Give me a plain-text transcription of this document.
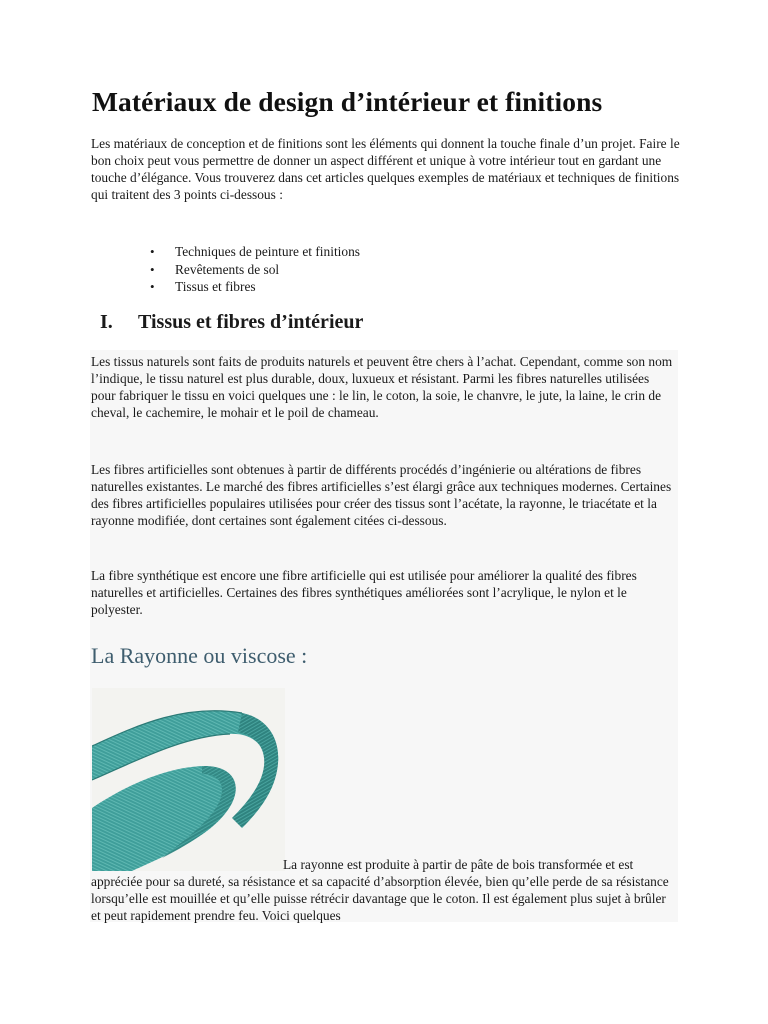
Matériaux de design d’intérieur et finitions

Les matériaux de conception et de finitions sont les éléments qui donnent la touche finale d’un projet. Faire le bon choix peut vous permettre de donner un aspect différent et unique à votre intérieur tout en gardant une touche d’élégance. Vous trouverez dans cet articles quelques exemples de matériaux et techniques de finitions qui traitent des 3 points ci-dessous :

• Techniques de peinture et finitions
• Revêtements de sol
• Tissus et fibres
I. Tissus et fibres d’intérieur

Les tissus naturels sont faits de produits naturels et peuvent être chers à l’achat. Cependant, comme son nom l’indique, le tissu naturel est plus durable, doux, luxueux et résistant. Parmi les fibres naturelles utilisées pour fabriquer le tissu en voici quelques une : le lin, le coton, la soie, le chanvre, le jute, la laine, le crin de cheval, le cachemire, le mohair et le poil de chameau.

Les fibres artificielles sont obtenues à partir de différents procédés d’ingénierie ou altérations de fibres naturelles existantes. Le marché des fibres artificielles s’est élargi grâce aux techniques modernes. Certaines des fibres artificielles populaires utilisées pour créer des tissus sont l’acétate, la rayonne, le triacétate et la rayonne modifiée, dont certaines sont également citées ci-dessous.

La fibre synthétique est encore une fibre artificielle qui est utilisée pour améliorer la qualité des fibres naturelles et artificielles. Certaines des fibres synthétiques améliorées sont l’acrylique, le nylon et le polyester.

La Rayonne ou viscose :

La rayonne est produite à partir de pâte de bois transformée et est appréciée pour sa dureté, sa résistance et sa capacité d’absorption élevée, bien qu’elle perde de sa résistance lorsqu’elle est mouillée et qu’elle puisse rétrécir davantage que le coton. Il est également plus sujet à brûler et peut rapidement prendre feu. Voici quelques
